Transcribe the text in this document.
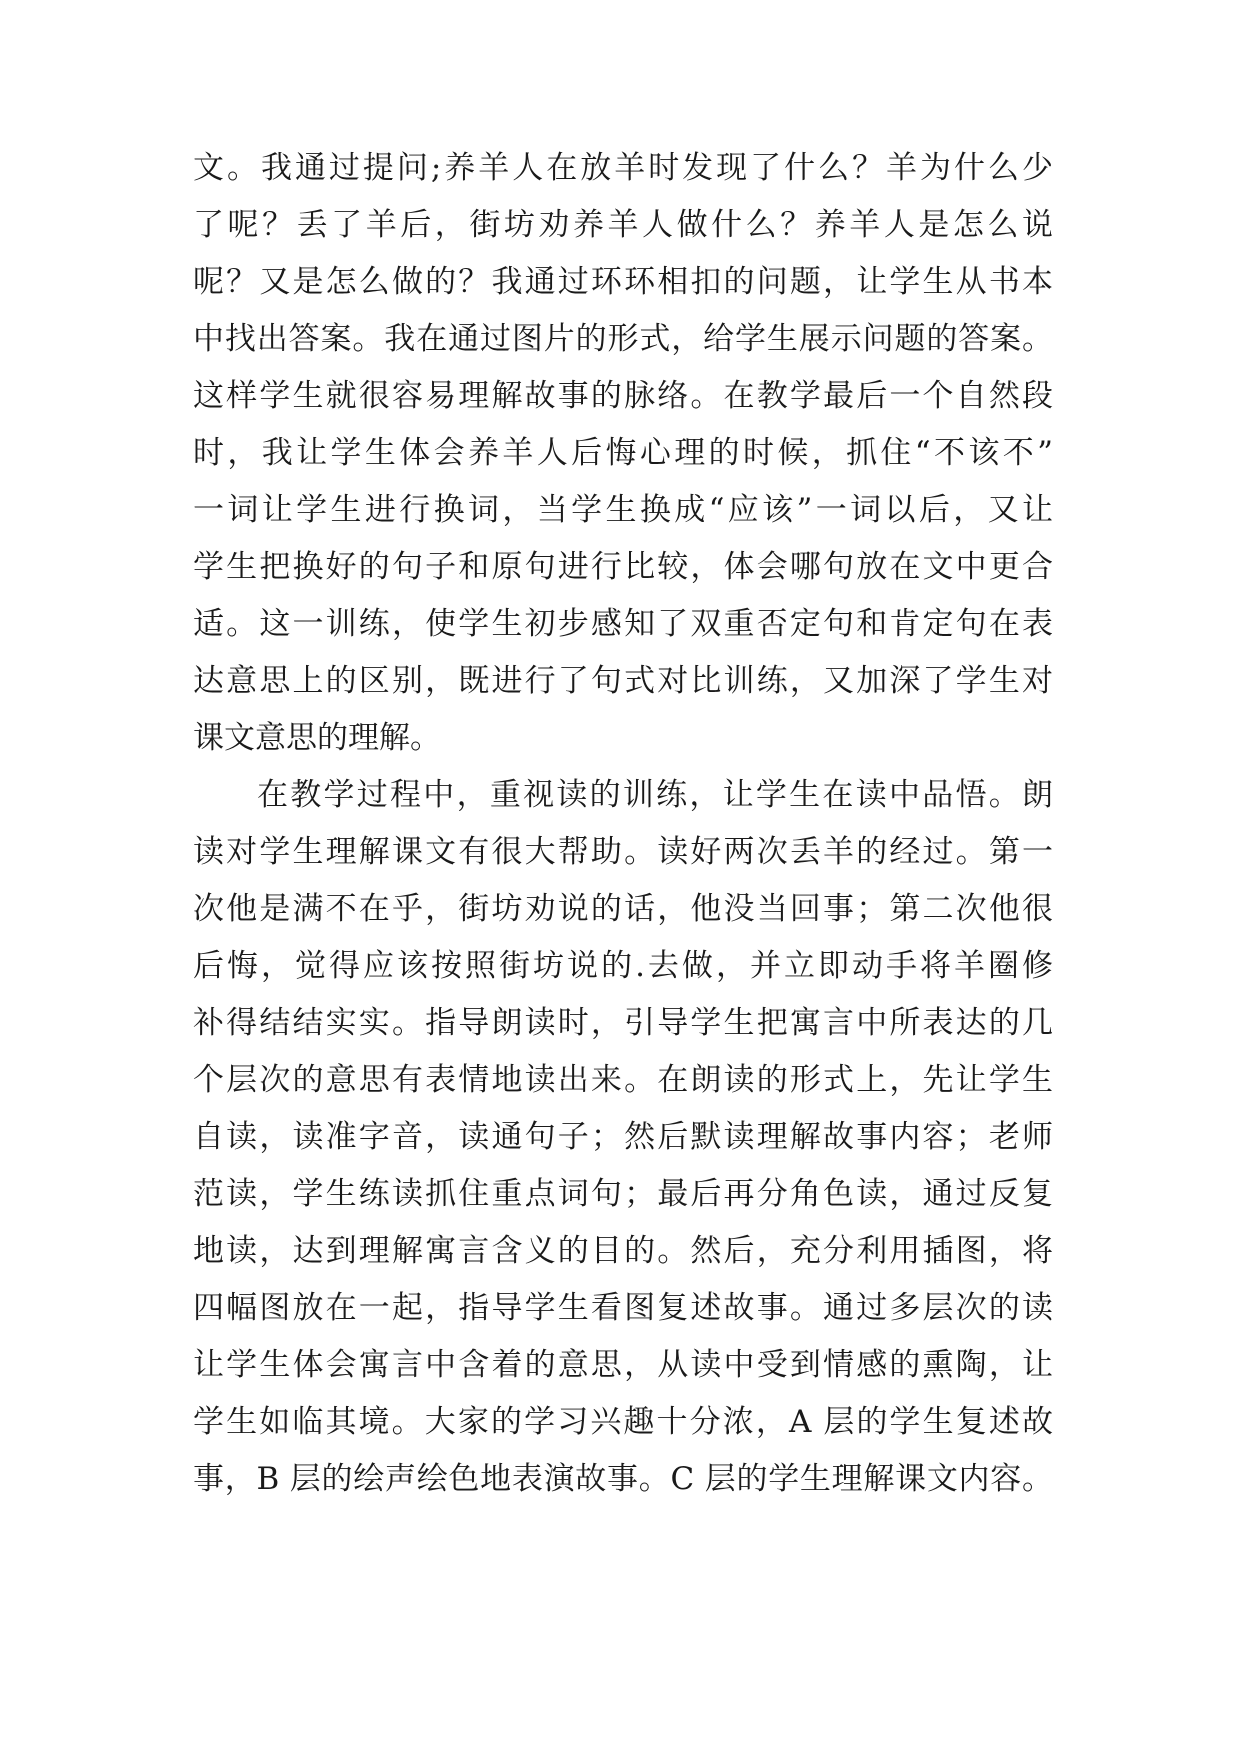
文。我通过提问;养羊人在放羊时发现了什么？羊为什么少
了呢？丢了羊后，街坊劝养羊人做什么？养羊人是怎么说
呢？又是怎么做的？我通过环环相扣的问题，让学生从书本
中找出答案。我在通过图片的形式，给学生展示问题的答案。
这样学生就很容易理解故事的脉络。在教学最后一个自然段
时，我让学生体会养羊人后悔心理的时候，抓住“不该不”
一词让学生进行换词，当学生换成“应该”一词以后，又让
学生把换好的句子和原句进行比较，体会哪句放在文中更合
适。这一训练，使学生初步感知了双重否定句和肯定句在表
达意思上的区别，既进行了句式对比训练，又加深了学生对
课文意思的理解。
在教学过程中，重视读的训练，让学生在读中品悟。朗
读对学生理解课文有很大帮助。读好两次丢羊的经过。第一
次他是满不在乎，街坊劝说的话，他没当回事；第二次他很
后悔，觉得应该按照街坊说的.去做，并立即动手将羊圈修
补得结结实实。指导朗读时，引导学生把寓言中所表达的几
个层次的意思有表情地读出来。在朗读的形式上，先让学生
自读，读准字音，读通句子；然后默读理解故事内容；老师
范读，学生练读抓住重点词句；最后再分角色读，通过反复
地读，达到理解寓言含义的目的。然后，充分利用插图，将
四幅图放在一起，指导学生看图复述故事。通过多层次的读
让学生体会寓言中含着的意思，从读中受到情感的熏陶，让
学生如临其境。大家的学习兴趣十分浓，A 层的学生复述故
事，B 层的绘声绘色地表演故事。C 层的学生理解课文内容。
